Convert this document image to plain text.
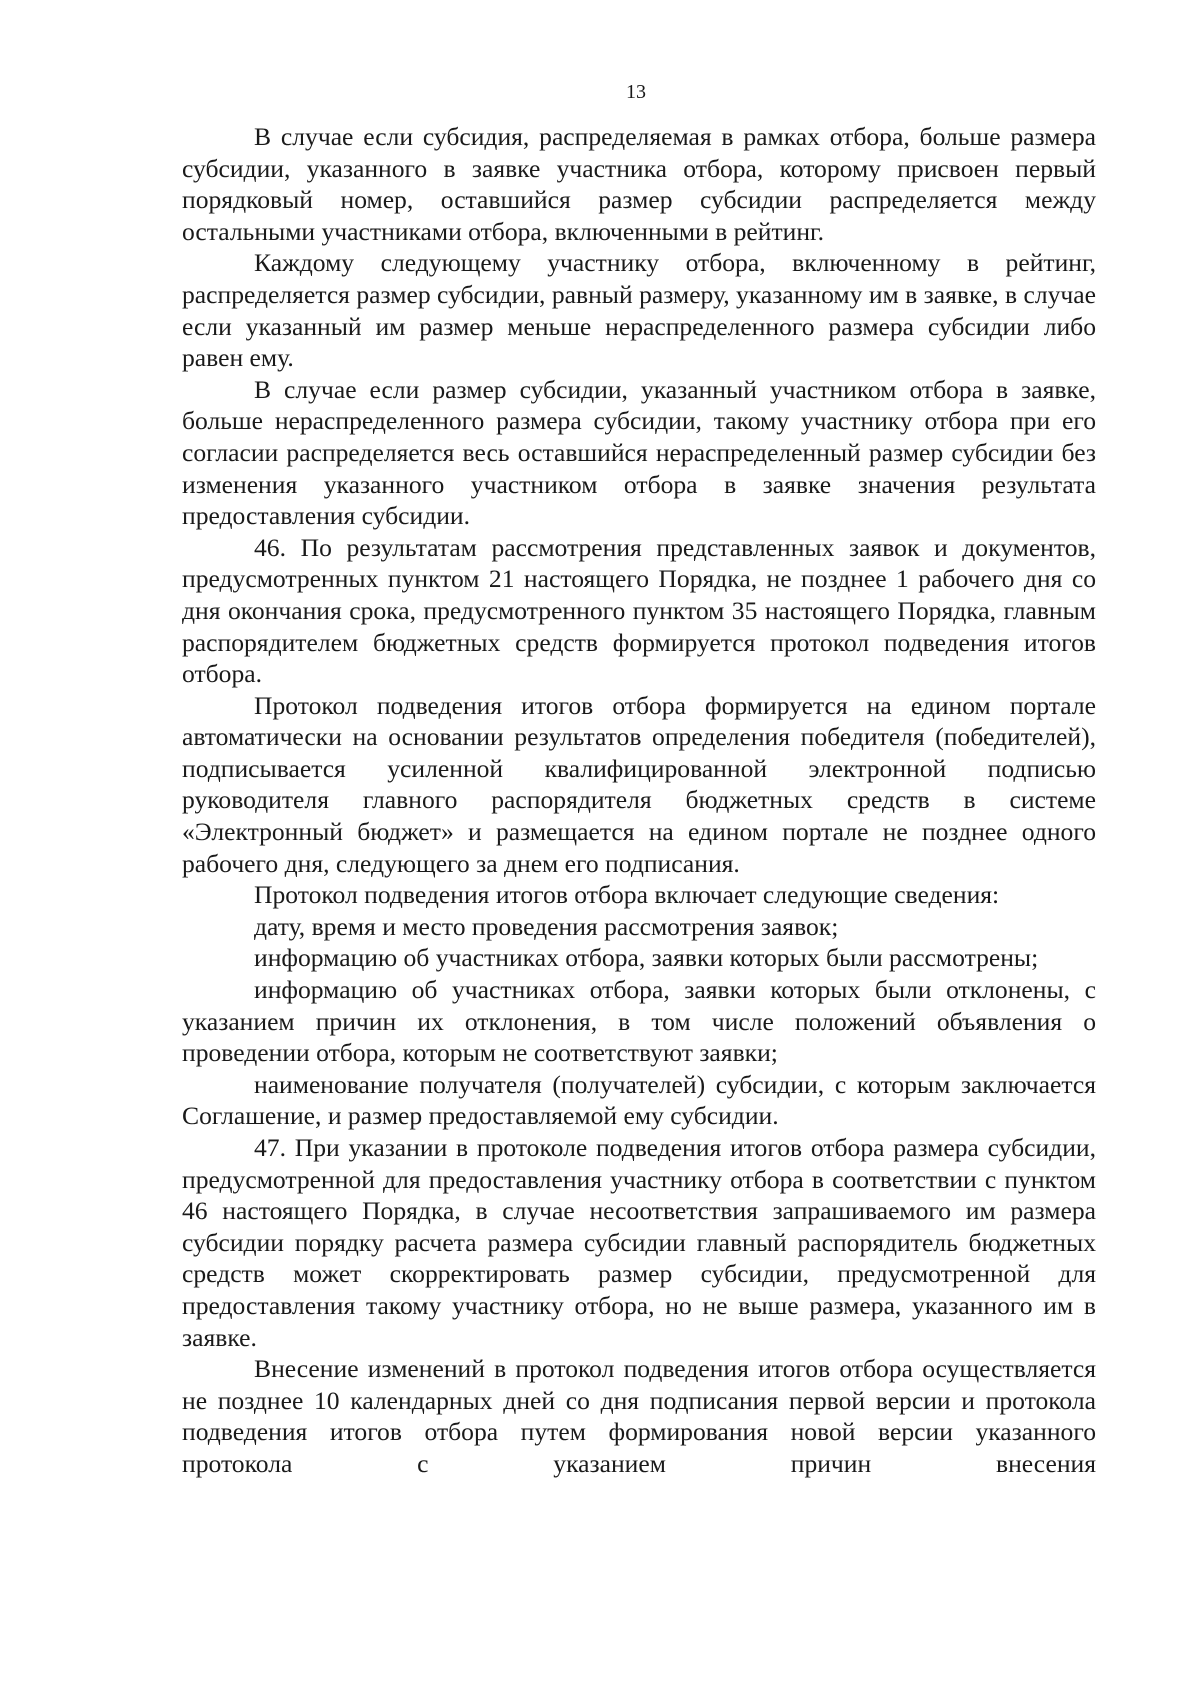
13

В случае если субсидия, распределяемая в рамках отбора, больше размера субсидии, указанного в заявке участника отбора, которому присвоен первый порядковый номер, оставшийся размер субсидии распределяется между остальными участниками отбора, включенными в рейтинг.

Каждому следующему участнику отбора, включенному в рейтинг, распределяется размер субсидии, равный размеру, указанному им в заявке, в случае если указанный им размер меньше нераспределенного размера субсидии либо равен ему.

В случае если размер субсидии, указанный участником отбора в заявке, больше нераспределенного размера субсидии, такому участнику отбора при его согласии распределяется весь оставшийся нераспределенный размер субсидии без изменения указанного участником отбора в заявке значения результата предоставления субсидии.

46. По результатам рассмотрения представленных заявок и документов, предусмотренных пунктом 21 настоящего Порядка, не позднее 1 рабочего дня со дня окончания срока, предусмотренного пунктом 35 настоящего Порядка, главным распорядителем бюджетных средств формируется протокол подведения итогов отбора.

Протокол подведения итогов отбора формируется на едином портале автоматически на основании результатов определения победителя (победителей), подписывается усиленной квалифицированной электронной подписью руководителя главного распорядителя бюджетных средств в системе «Электронный бюджет» и размещается на едином портале не позднее одного рабочего дня, следующего за днем его подписания.

Протокол подведения итогов отбора включает следующие сведения:

дату, время и место проведения рассмотрения заявок;

информацию об участниках отбора, заявки которых были рассмотрены;

информацию об участниках отбора, заявки которых были отклонены, с указанием причин их отклонения, в том числе положений объявления о проведении отбора, которым не соответствуют заявки;

наименование получателя (получателей) субсидии, с которым заключается Соглашение, и размер предоставляемой ему субсидии.

47. При указании в протоколе подведения итогов отбора размера субсидии, предусмотренной для предоставления участнику отбора в соответствии с пунктом 46 настоящего Порядка, в случае несоответствия запрашиваемого им размера субсидии порядку расчета размера субсидии главный распорядитель бюджетных средств может скорректировать размер субсидии, предусмотренной для предоставления такому участнику отбора, но не выше размера, указанного им в заявке.

Внесение изменений в протокол подведения итогов отбора осуществляется не позднее 10 календарных дней со дня подписания первой версии и протокола подведения итогов отбора путем формирования новой версии указанного протокола с указанием причин внесения
